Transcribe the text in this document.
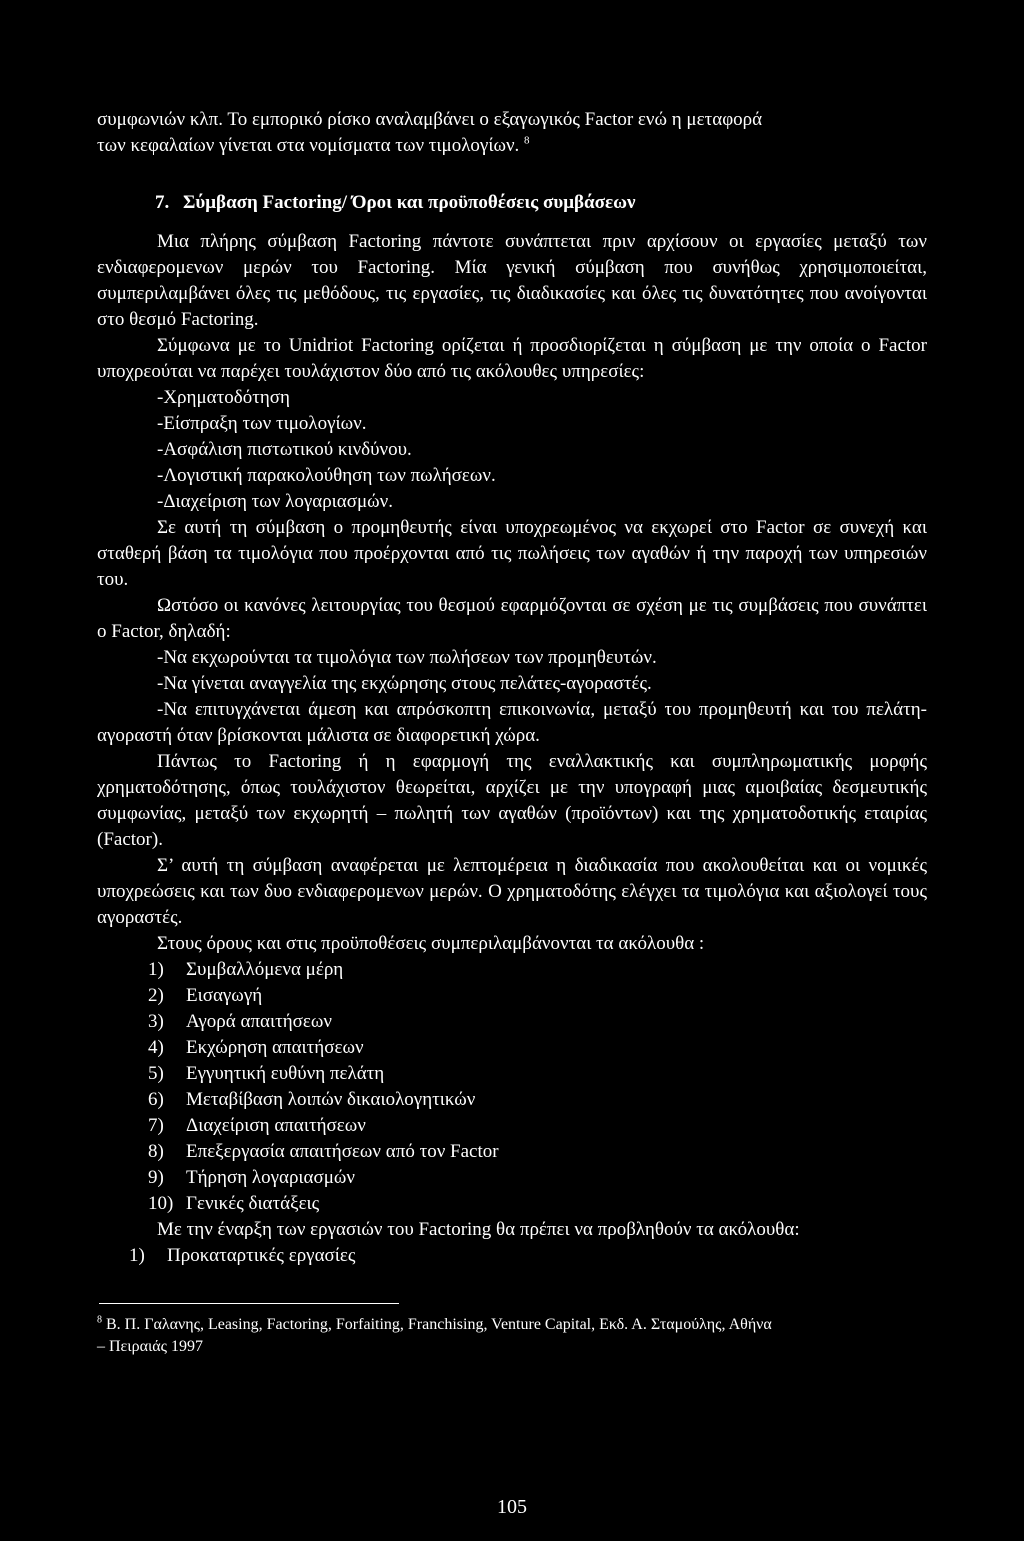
συμφωνιών κλπ. Το εμπορικό ρίσκο αναλαμβάνει ο εξαγωγικός Factor ενώ η μεταφορά

των κεφαλαίων γίνεται στα νομίσματα των τιμολογίων. $^8$

7. Σύμβαση Factoring/ Όροι και προϋποθέσεις συμβάσεων

Μια πλήρης σύμβαση Factoring πάντοτε συνάπτεται πριν αρχίσουν οι εργασίες μεταξύ των ενδιαφερομενων μερών του Factoring. Μία γενική σύμβαση που συνήθως χρησιμοποιείται, συμπεριλαμβάνει όλες τις μεθόδους, τις εργασίες, τις διαδικασίες και όλες τις δυνατότητες που ανοίγονται στο θεσμό Factoring.

Σύμφωνα με το Unidriot Factoring ορίζεται ή προσδιορίζεται η σύμβαση με την οποία ο Factor υποχρεούται να παρέχει τουλάχιστον δύο από τις ακόλουθες υπηρεσίες:

-Χρηματοδότηση

-Είσπραξη των τιμολογίων.

-Ασφάλιση πιστωτικού κινδύνου.

-Λογιστική παρακολούθηση των πωλήσεων.

-Διαχείριση των λογαριασμών.

Σε αυτή τη σύμβαση ο προμηθευτής είναι υποχρεωμένος να εκχωρεί στο Factor σε συνεχή και σταθερή βάση τα τιμολόγια που προέρχονται από τις πωλήσεις των αγαθών ή την παροχή των υπηρεσιών του.

Ωστόσο οι κανόνες λειτουργίας του θεσμού εφαρμόζονται σε σχέση με τις συμβάσεις που συνάπτει ο Factor, δηλαδή:

-Να εκχωρούνται τα τιμολόγια των πωλήσεων των προμηθευτών.

-Να γίνεται αναγγελία της εκχώρησης στους πελάτες-αγοραστές.

-Να επιτυγχάνεται άμεση και απρόσκοπτη επικοινωνία, μεταξύ του προμηθευτή και του πελάτη-αγοραστή όταν βρίσκονται μάλιστα σε διαφορετική χώρα.

Πάντως το Factoring ή η εφαρμογή της εναλλακτικής και συμπληρωματικής μορφής χρηματοδότησης, όπως τουλάχιστον θεωρείται, αρχίζει με την υπογραφή μιας αμοιβαίας δεσμευτικής συμφωνίας, μεταξύ των εκχωρητή – πωλητή των αγαθών (προϊόντων) και της χρηματοδοτικής εταιρίας (Factor).

Σ’ αυτή τη σύμβαση αναφέρεται με λεπτομέρεια η διαδικασία που ακολουθείται και οι νομικές υποχρεώσεις και των δυο ενδιαφερομενων μερών. Ο χρηματοδότης ελέγχει τα τιμολόγια και αξιολογεί τους αγοραστές.

Στους όρους και στις προϋποθέσεις συμπεριλαμβάνονται τα ακόλουθα :

1) Συμβαλλόμενα μέρη

2) Εισαγωγή

3) Αγορά απαιτήσεων

4) Εκχώρηση απαιτήσεων

5) Εγγυητική ευθύνη πελάτη

6) Μεταβίβαση λοιπών δικαιολογητικών

7) Διαχείριση απαιτήσεων

8) Επεξεργασία απαιτήσεων από τον Factor

9) Τήρηση λογαριασμών

10) Γενικές διατάξεις

Με την έναρξη των εργασιών του Factoring θα πρέπει να προβληθούν τα ακόλουθα:

1) Προκαταρτικές εργασίες

$^8$ Β. Π. Γαλανης, Leasing, Factoring, Forfaiting, Franchising, Venture Capital, Εκδ. Α. Σταμούλης, Αθήνα
– Πειραιάς 1997

105
